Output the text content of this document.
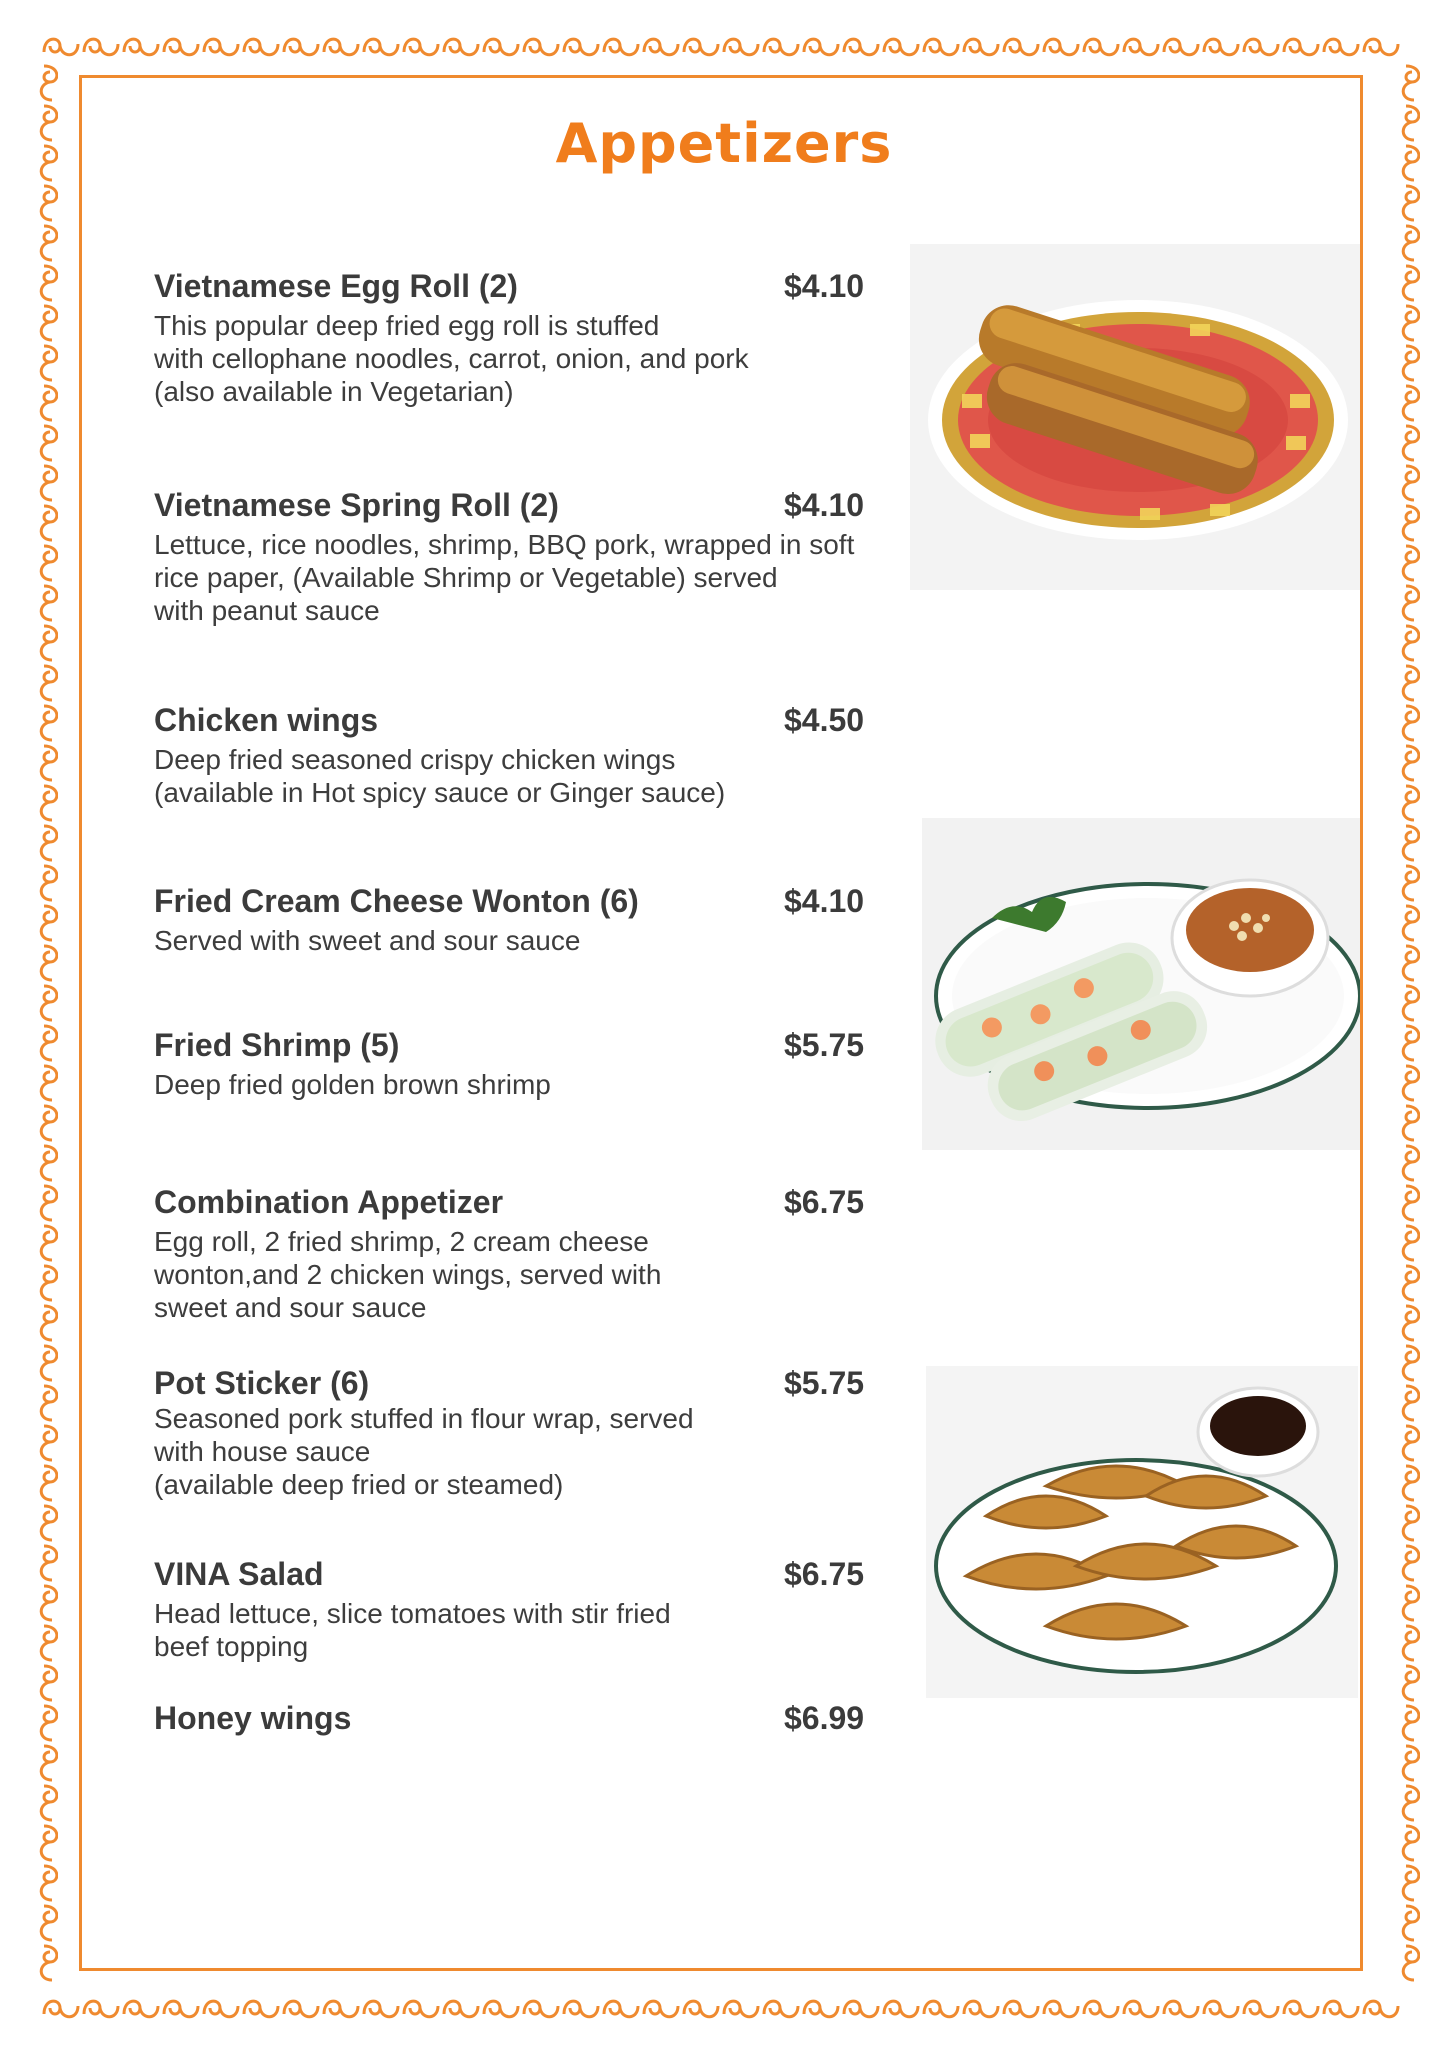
Appetizers
Vietnamese Egg Roll (2)	$4.10
This popular deep fried egg roll is stuffed
with cellophane noodles, carrot, onion, and pork
(also available in Vegetarian)
Vietnamese Spring Roll (2)	$4.10
Lettuce, rice noodles, shrimp, BBQ pork, wrapped in soft
rice paper, (Available Shrimp or Vegetable) served
with peanut sauce
Chicken wings	$4.50
Deep fried seasoned crispy chicken wings
(available in Hot spicy sauce or Ginger sauce)
Fried Cream Cheese Wonton (6)	$4.10
Served with sweet and sour sauce
Fried Shrimp (5)	$5.75
Deep fried golden brown shrimp
Combination Appetizer	$6.75
Egg roll, 2 fried shrimp, 2 cream cheese
wonton,and 2 chicken wings, served with
sweet and sour sauce
Pot Sticker (6)	$5.75
Seasoned pork stuffed in flour wrap, served
with house sauce
(available deep fried or steamed)
VINA Salad	$6.75
Head lettuce, slice tomatoes with stir fried
beef topping
Honey wings	$6.99
